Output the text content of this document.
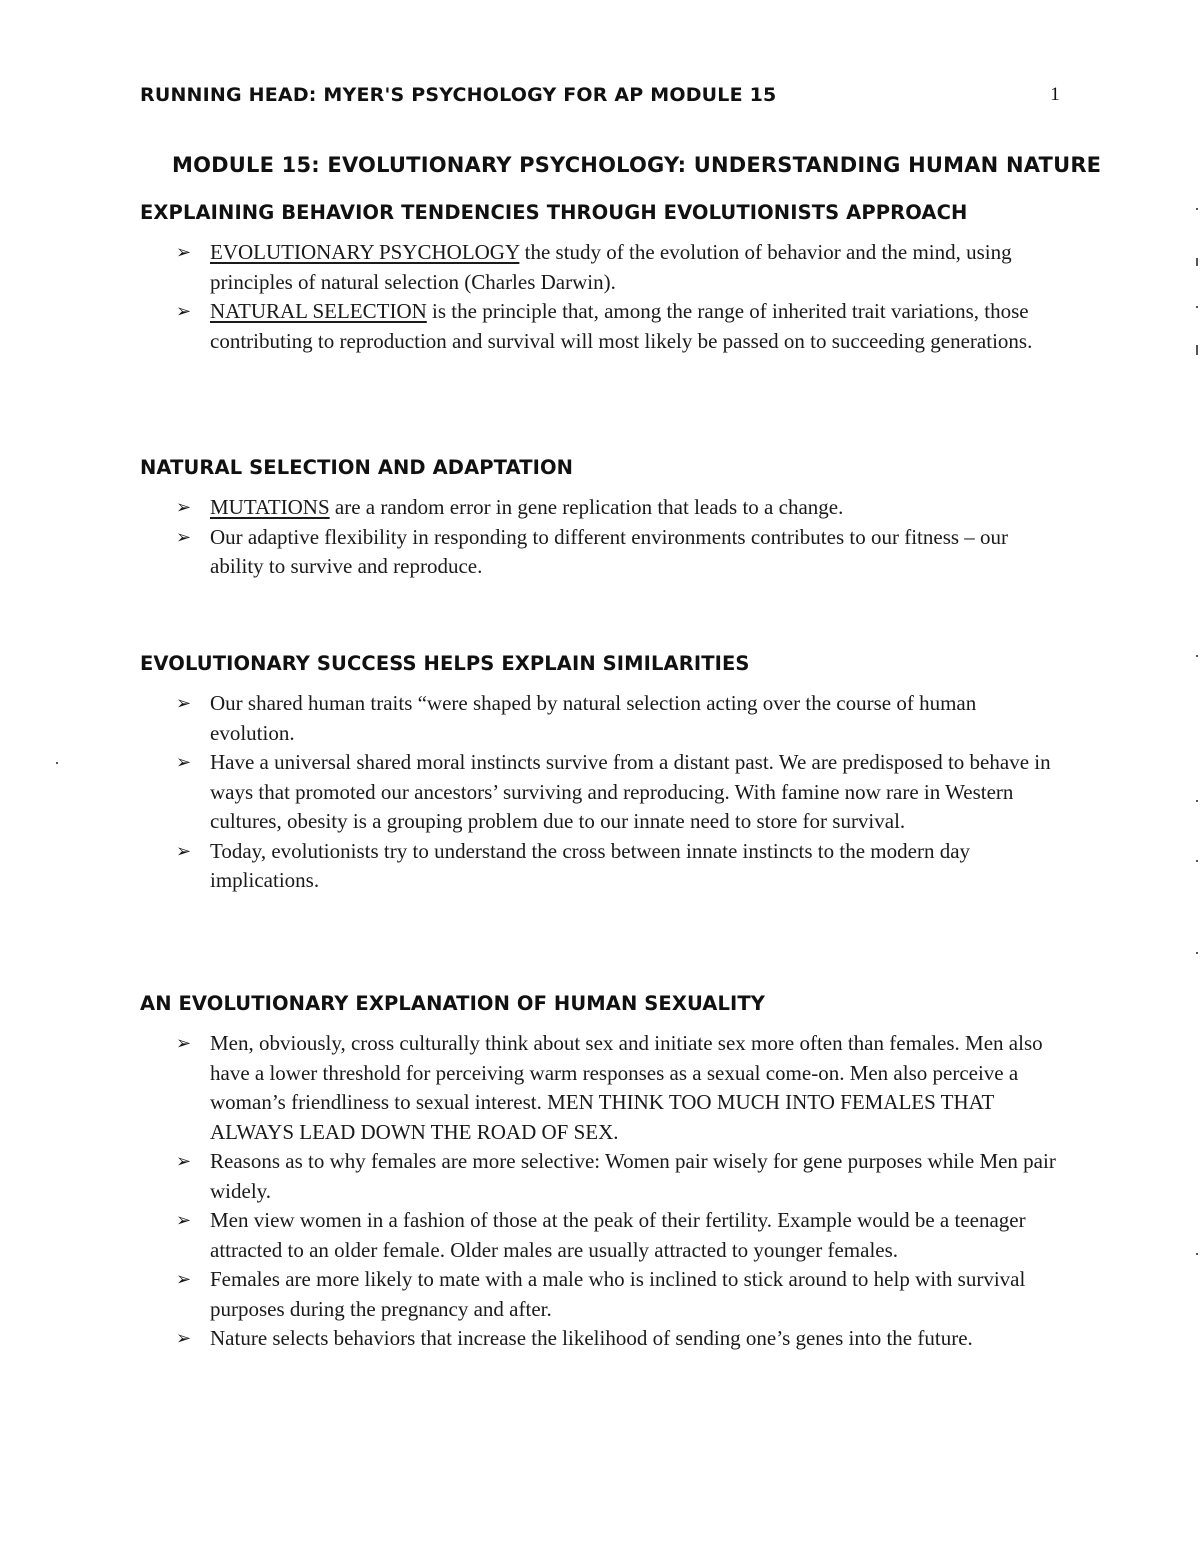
RUNNING HEAD: MYER'S PSYCHOLOGY FOR AP MODULE 15	1
MODULE 15: EVOLUTIONARY PSYCHOLOGY: UNDERSTANDING HUMAN NATURE
EXPLAINING BEHAVIOR TENDENCIES THROUGH EVOLUTIONISTS APPROACH
➢ EVOLUTIONARY PSYCHOLOGY the study of the evolution of behavior and the mind, using principles of natural selection (Charles Darwin).
➢ NATURAL SELECTION is the principle that, among the range of inherited trait variations, those contributing to reproduction and survival will most likely be passed on to succeeding generations.
NATURAL SELECTION AND ADAPTATION
➢ MUTATIONS are a random error in gene replication that leads to a change.
➢ Our adaptive flexibility in responding to different environments contributes to our fitness – our ability to survive and reproduce.
EVOLUTIONARY SUCCESS HELPS EXPLAIN SIMILARITIES
➢ Our shared human traits “were shaped by natural selection acting over the course of human evolution.
➢ Have a universal shared moral instincts survive from a distant past. We are predisposed to behave in ways that promoted our ancestors’ surviving and reproducing. With famine now rare in Western cultures, obesity is a grouping problem due to our innate need to store for survival.
➢ Today, evolutionists try to understand the cross between innate instincts to the modern day implications.
AN EVOLUTIONARY EXPLANATION OF HUMAN SEXUALITY
➢ Men, obviously, cross culturally think about sex and initiate sex more often than females. Men also have a lower threshold for perceiving warm responses as a sexual come-on. Men also perceive a woman’s friendliness to sexual interest. MEN THINK TOO MUCH INTO FEMALES THAT ALWAYS LEAD DOWN THE ROAD OF SEX.
➢ Reasons as to why females are more selective: Women pair wisely for gene purposes while Men pair widely.
➢ Men view women in a fashion of those at the peak of their fertility. Example would be a teenager attracted to an older female. Older males are usually attracted to younger females.
➢ Females are more likely to mate with a male who is inclined to stick around to help with survival purposes during the pregnancy and after.
➢ Nature selects behaviors that increase the likelihood of sending one’s genes into the future.
